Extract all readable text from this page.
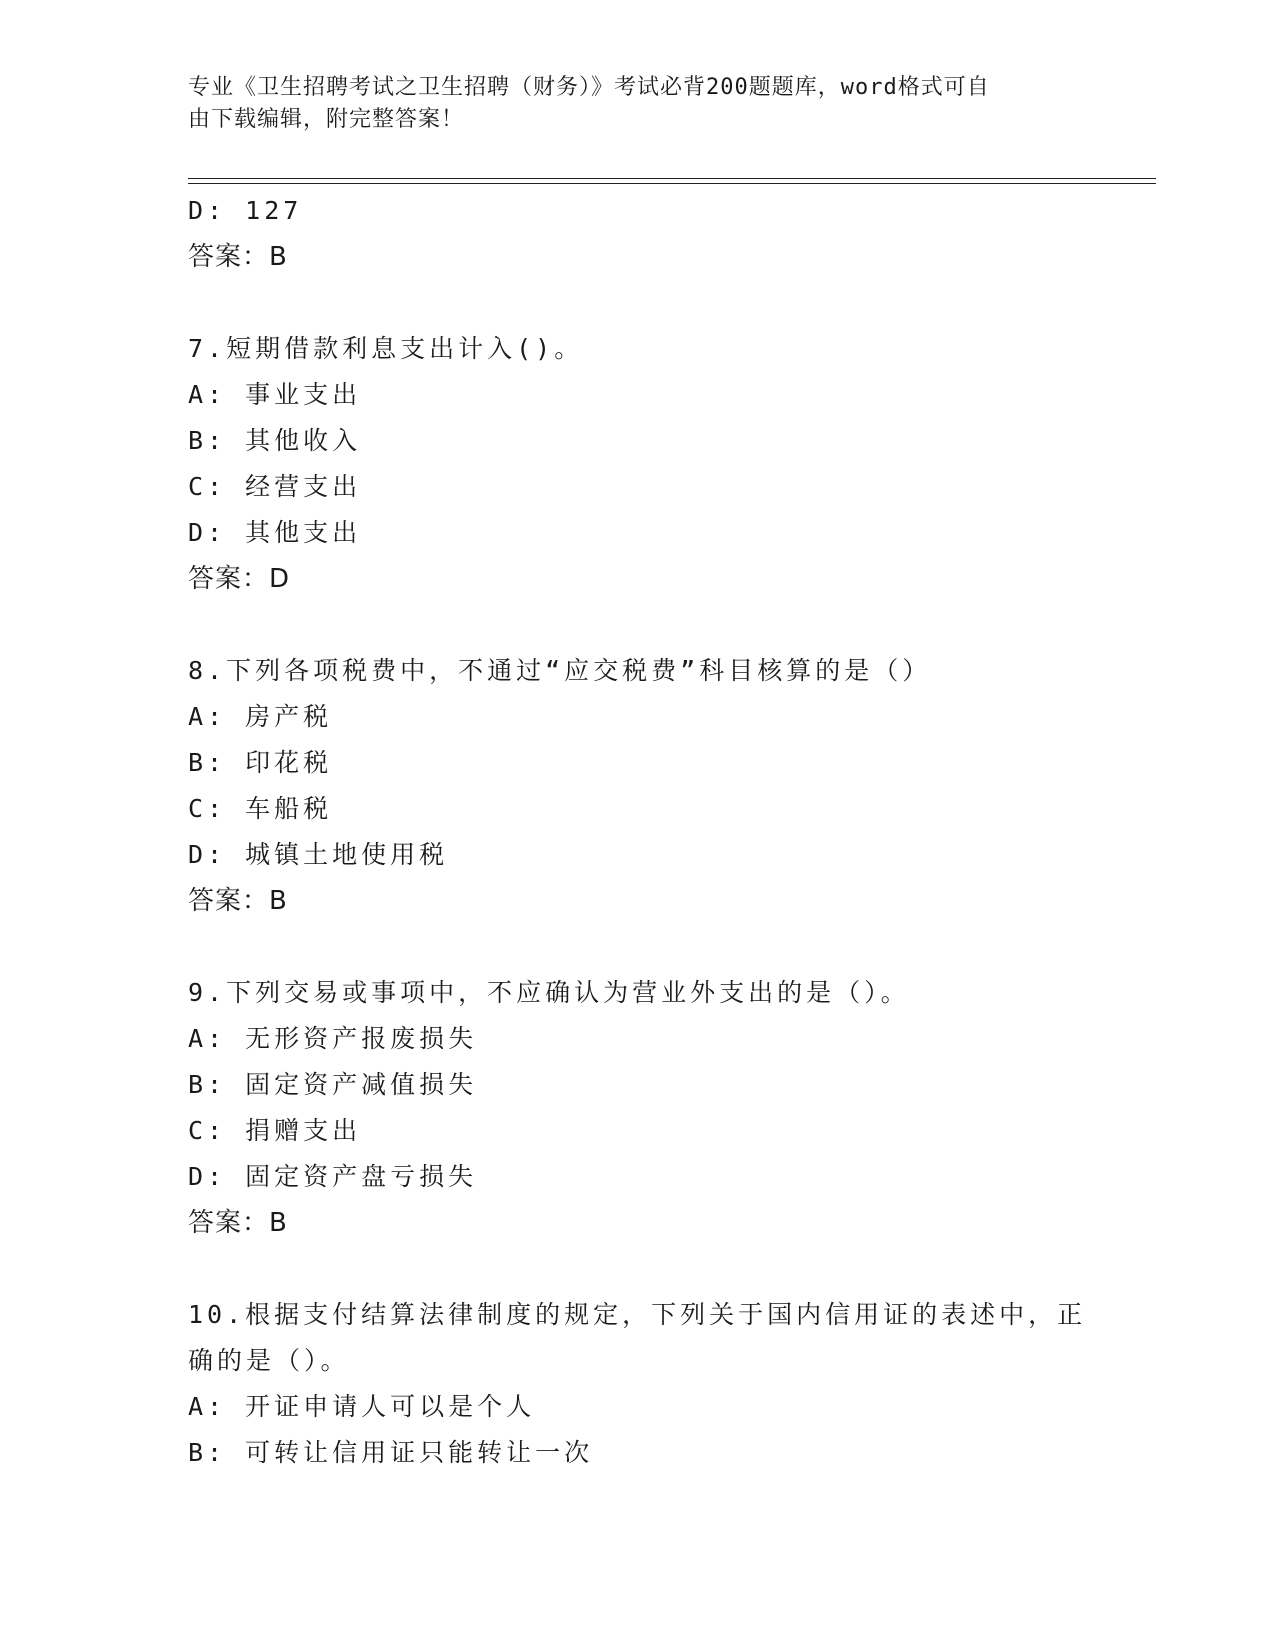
专业《卫生招聘考试之卫生招聘（财务）》考试必背200题题库，word格式可自
由下载编辑，附完整答案！
D: 127
答案：B
7.短期借款利息支出计入()。
A: 事业支出
B: 其他收入
C: 经营支出
D: 其他支出
答案：D
8.下列各项税费中，不通过“应交税费”科目核算的是（）
A: 房产税
B: 印花税
C: 车船税
D: 城镇土地使用税
答案：B
9.下列交易或事项中，不应确认为营业外支出的是（）。
A: 无形资产报废损失
B: 固定资产减值损失
C: 捐赠支出
D: 固定资产盘亏损失
答案：B
10.根据支付结算法律制度的规定，下列关于国内信用证的表述中，正
确的是（）。
A: 开证申请人可以是个人
B: 可转让信用证只能转让一次
